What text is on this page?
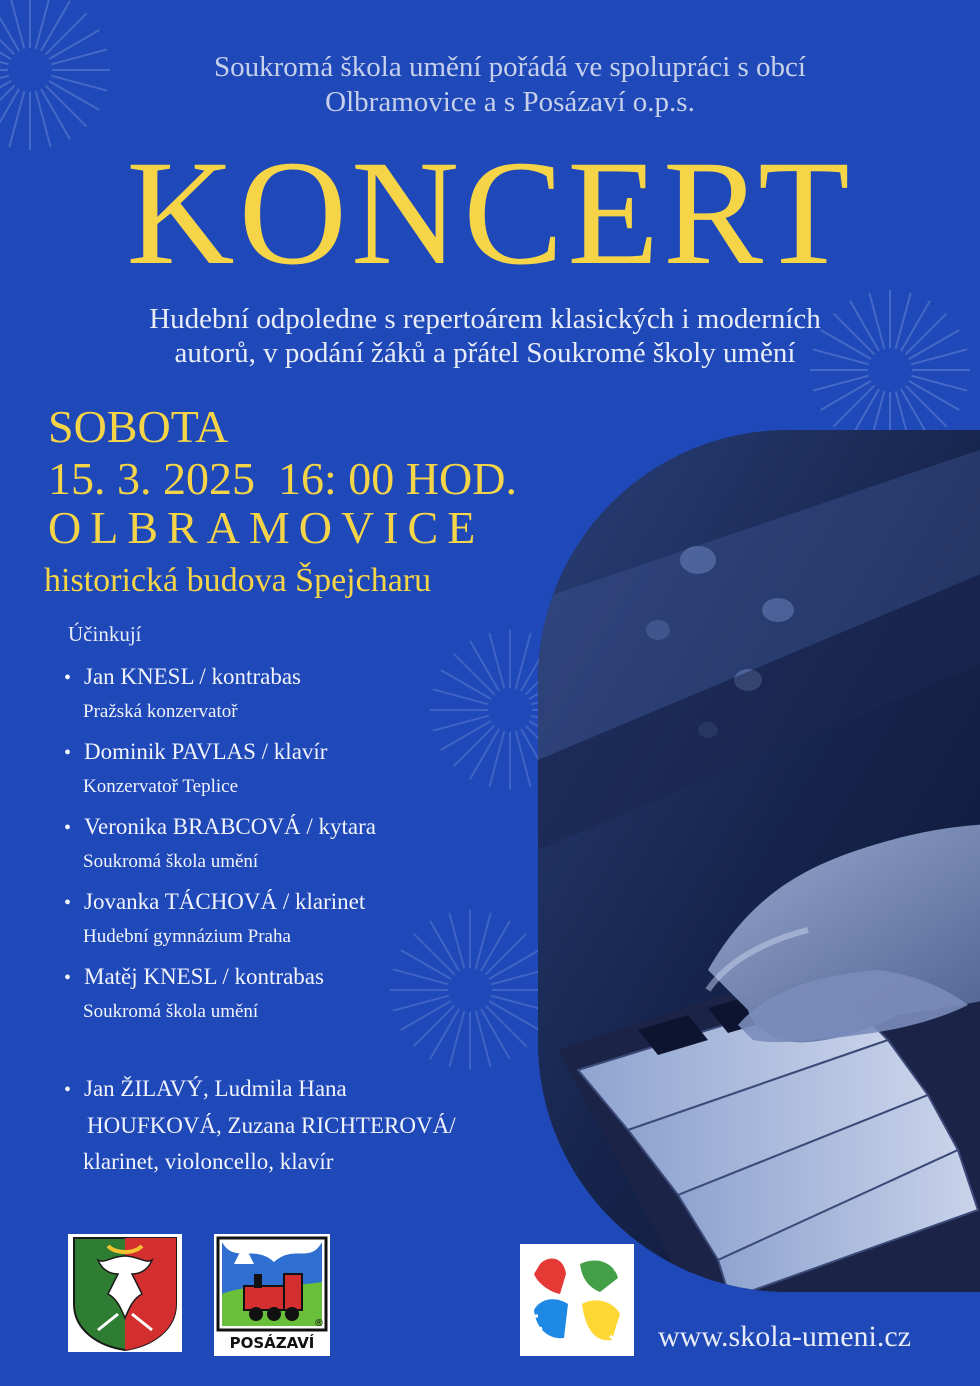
Soukromá škola umění pořádá ve spolupráci s obcí
Olbramovice a s Posázaví o.p.s.
KONCERT
Hudební odpoledne s repertoárem klasických i moderních
autorů, v podání žáků a přátel Soukromé školy umění
SOBOTA
15. 3. 2025  16: 00 HOD.
OLBRAMOVICE
historická budova Špejcharu
Účinkují
• Jan KNESL / kontrabas
Pražská konzervatoř
• Dominik PAVLAS / klavír
Konzervatoř Teplice
• Veronika BRABCOVÁ / kytara
Soukromá škola umění
• Jovanka TÁCHOVÁ / klarinet
Hudební gymnázium Praha
• Matěj KNESL / kontrabas
Soukromá škola umění
• Jan ŽILAVÝ, Ludmila Hana
HOUFKOVÁ, Zuzana RICHTEROVÁ/
klarinet, violoncello, klavír
POSÁZAVÍ
®	www.skola-umeni.cz
